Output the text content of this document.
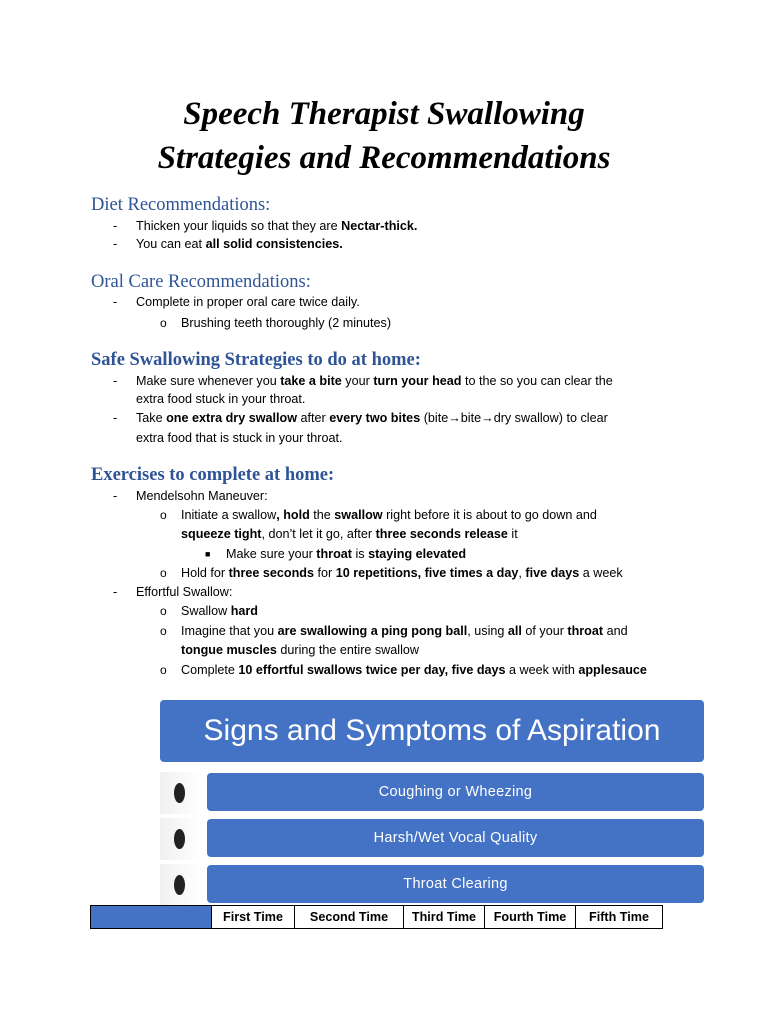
Speech Therapist Swallowing
Strategies and Recommendations
Diet Recommendations:
- Thicken your liquids so that they are Nectar-thick.
- You can eat all solid consistencies.
Oral Care Recommendations:
- Complete in proper oral care twice daily.
o Brushing teeth thoroughly (2 minutes)
Safe Swallowing Strategies to do at home:
- Make sure whenever you take a bite your turn your head to the so you can clear the
extra food stuck in your throat.
- Take one extra dry swallow after every two bites (bite→bite→dry swallow) to clear
extra food that is stuck in your throat.
Exercises to complete at home:
- Mendelsohn Maneuver:
o Initiate a swallow, hold the swallow right before it is about to go down and
squeeze tight, don’t let it go, after three seconds release it
■ Make sure your throat is staying elevated
o Hold for three seconds for 10 repetitions, five times a day, five days a week
- Effortful Swallow:
o Swallow hard
o Imagine that you are swallowing a ping pong ball, using all of your throat and
tongue muscles during the entire swallow
o Complete 10 effortful swallows twice per day, five days a week with applesauce
Signs and Symptoms of Aspiration
Coughing or Wheezing
Harsh/Wet Vocal Quality
Throat Clearing
	First Time	Second Time	Third Time	Fourth Time	Fifth Time
